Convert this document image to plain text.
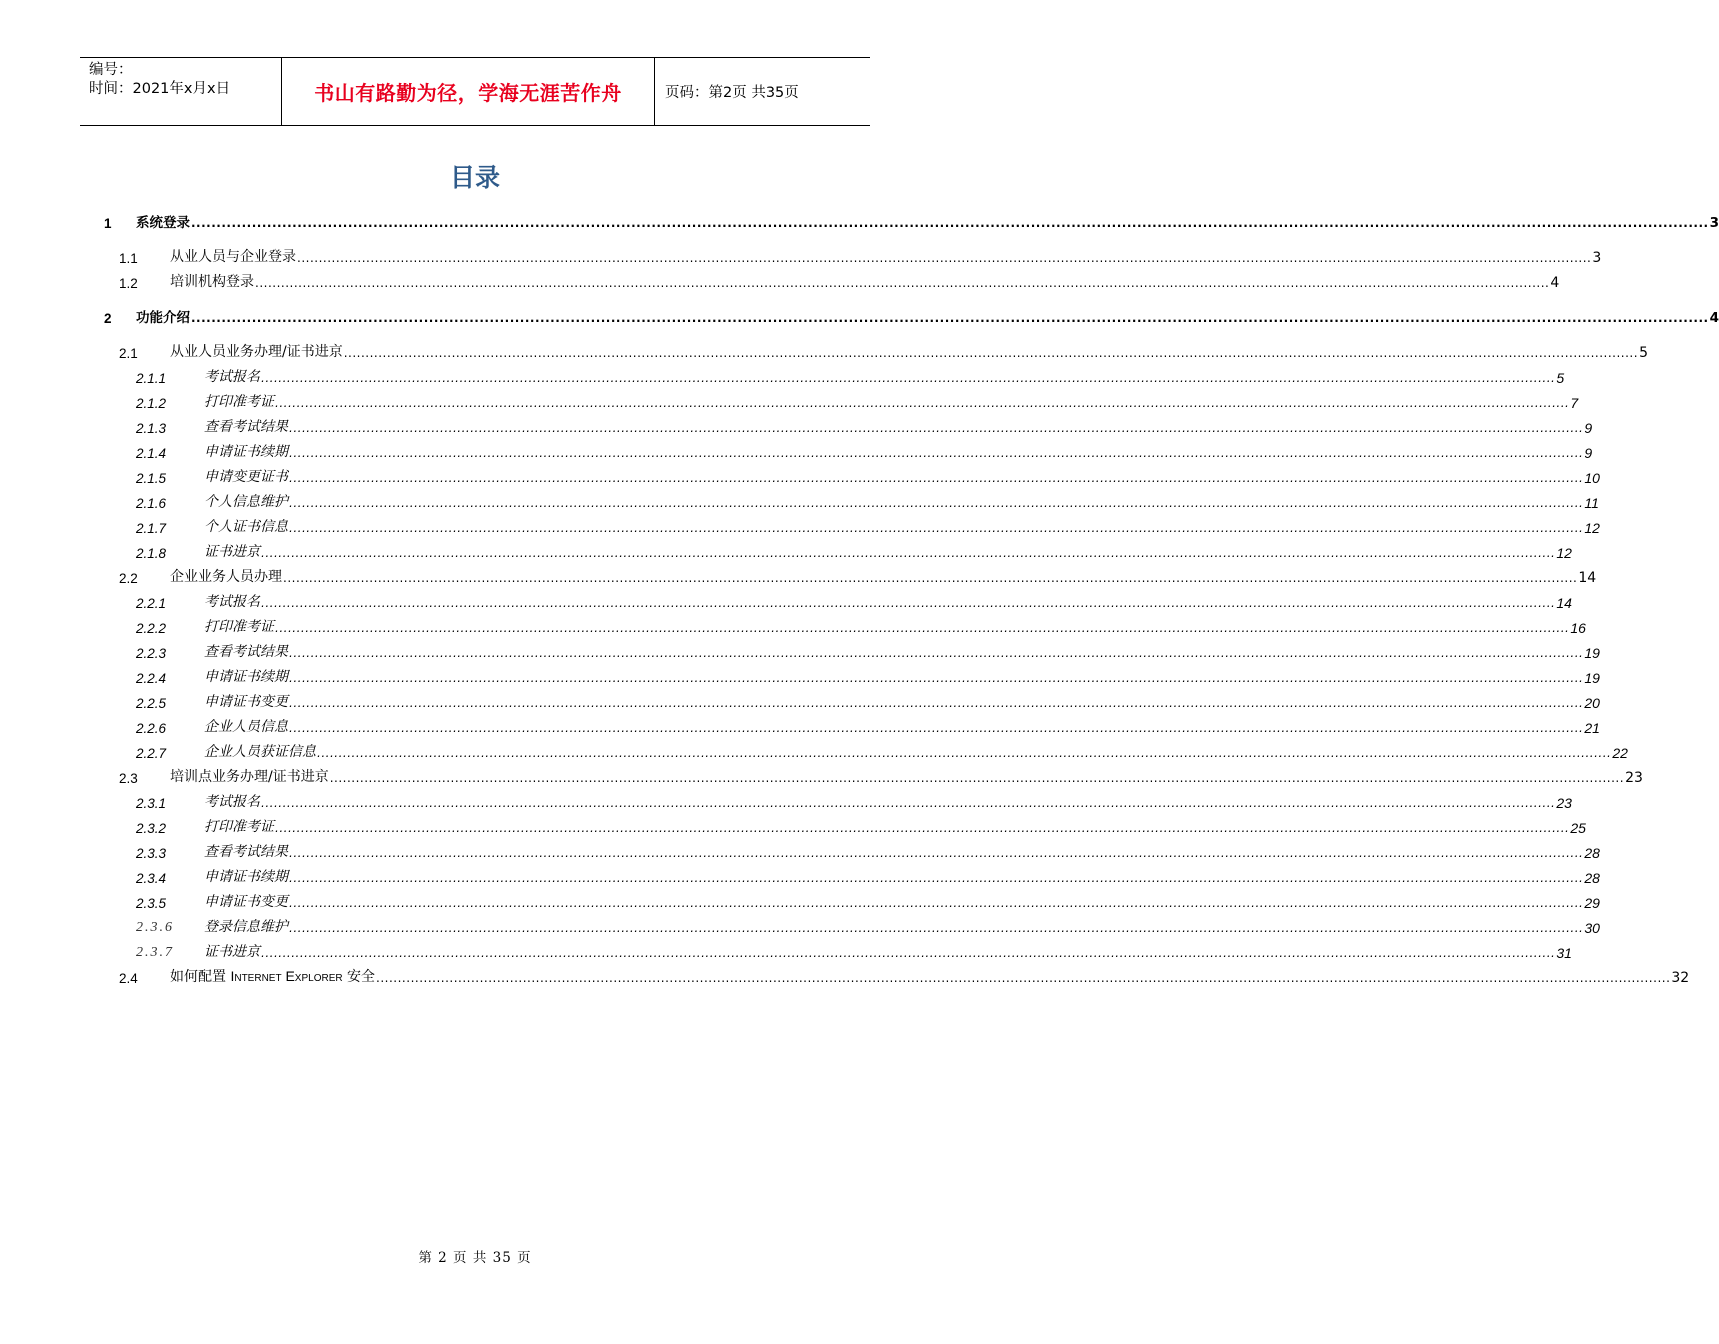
编号：
时间：2021年x月x日	书山有路勤为径，学海无涯苦作舟	页码：第2页 共35页
目录
1 系统登录 ............................................................................................................................................................................................................................................................................................................ 3
1.1 从业人员与企业登录 ............................................................................................................................................................................................................................................................................................................ 3
1.2 培训机构登录 ............................................................................................................................................................................................................................................................................................................ 4
2 功能介绍 ............................................................................................................................................................................................................................................................................................................ 4
2.1 从业人员业务办理/证书进京 ............................................................................................................................................................................................................................................................................................................ 5
2.1.1	考试报名 ............................................................................................................................................................................................................................................................................................................ 5
2.1.2	打印准考证 ............................................................................................................................................................................................................................................................................................................ 7
2.1.3	查看考试结果 ............................................................................................................................................................................................................................................................................................................ 9
2.1.4	申请证书续期 ............................................................................................................................................................................................................................................................................................................ 9
2.1.5	申请变更证书 ............................................................................................................................................................................................................................................................................................................ 10
2.1.6	个人信息维护 ............................................................................................................................................................................................................................................................................................................ 11
2.1.7	个人证书信息 ............................................................................................................................................................................................................................................................................................................ 12
2.1.8	证书进京 ............................................................................................................................................................................................................................................................................................................ 12
2.2 企业业务人员办理 ............................................................................................................................................................................................................................................................................................................ 14
2.2.1	考试报名 ............................................................................................................................................................................................................................................................................................................ 14
2.2.2	打印准考证 ............................................................................................................................................................................................................................................................................................................ 16
2.2.3	查看考试结果 ............................................................................................................................................................................................................................................................................................................ 19
2.2.4	申请证书续期 ............................................................................................................................................................................................................................................................................................................ 19
2.2.5	申请证书变更 ............................................................................................................................................................................................................................................................................................................ 20
2.2.6	企业人员信息 ............................................................................................................................................................................................................................................................................................................ 21
2.2.7	企业人员获证信息 ............................................................................................................................................................................................................................................................................................................ 22
2.3 培训点业务办理/证书进京 ............................................................................................................................................................................................................................................................................................................ 23
2.3.1	考试报名 ............................................................................................................................................................................................................................................................................................................ 23
2.3.2	打印准考证 ............................................................................................................................................................................................................................................................................................................ 25
2.3.3	查看考试结果 ............................................................................................................................................................................................................................................................................................................ 28
2.3.4	申请证书续期 ............................................................................................................................................................................................................................................................................................................ 28
2.3.5	申请证书变更 ............................................................................................................................................................................................................................................................................................................ 29
2.3.6 登录信息维护 ............................................................................................................................................................................................................................................................................................................ 30
2.3.7 证书进京 ............................................................................................................................................................................................................................................................................................................ 31
2.4 如何配置 Internet Explorer 安全 ............................................................................................................................................................................................................................................................................................................ 32
第 2 页 共 35 页
